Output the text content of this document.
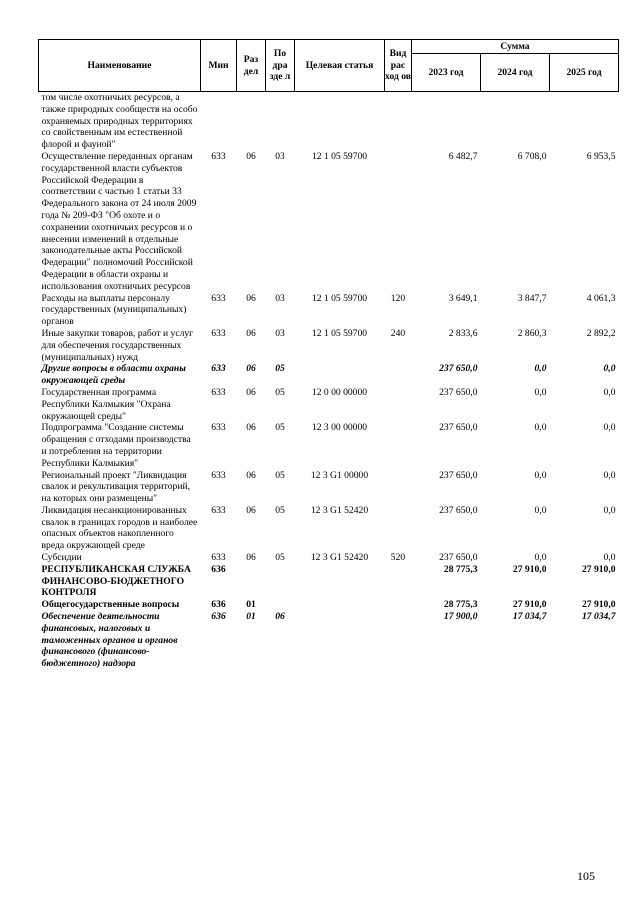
Наименование	Мин	Раз дел	По дра зде л	Целевая статья	Вид рас ход ов	Сумма		
						2023 год	2024 год	2025 год
том числе охотничьих ресурсов, а также природных сообществ на особо охраняемых природных территориях со свойственным им естественной флорой и фауной"								
Осуществление переданных органам государственной власти субъектов Российской Федерации в соответствии с частью 1 статьи 33 Федерального закона от 24 июля 2009 года № 209-ФЗ "Об охоте и о сохранении охотничьих ресурсов и о внесении изменений в отдельные законодательные акты Российской Федерации" полномочий Российской Федерации в области охраны и использования охотничьих ресурсов	633	06	03	12 1 05 59700		6 482,7	6 708,0	6 953,5
Расходы на выплаты персоналу государственных (муниципальных) органов	633	06	03	12 1 05 59700	120	3 649,1	3 847,7	4 061,3
Иные закупки товаров, работ и услуг для обеспечения государственных (муниципальных) нужд	633	06	03	12 1 05 59700	240	2 833,6	2 860,3	2 892,2
Другие вопросы в области охраны окружающей среды	633	06	05			237 650,0	0,0	0,0
Государственная программа Республики Калмыкия "Охрана окружающей среды"	633	06	05	12 0 00 00000		237 650,0	0,0	0,0
Подпрограмма "Создание системы обращения с отходами производства и потребления на территории Республики Калмыкия"	633	06	05	12 3 00 00000		237 650,0	0,0	0,0
Региональный проект "Ликвидация свалок и рекультивация территорий, на которых они размещены"	633	06	05	12 3 G1 00000		237 650,0	0,0	0,0
Ликвидация несанкционированных свалок в границах городов и наиболее опасных объектов накопленного вреда окружающей среде	633	06	05	12 3 G1 52420		237 650,0	0,0	0,0
Субсидии	633	06	05	12 3 G1 52420	520	237 650,0	0,0	0,0
РЕСПУБЛИКАНСКАЯ СЛУЖБА ФИНАНСОВО-БЮДЖЕТНОГО КОНТРОЛЯ	636					28 775,3	27 910,0	27 910,0
Общегосударственные вопросы	636	01				28 775,3	27 910,0	27 910,0
Обеспечение деятельности финансовых, налоговых и таможенных органов и органов финансового (финансово-бюджетного) надзора	636	01	06			17 900,0	17 034,7	17 034,7
105
